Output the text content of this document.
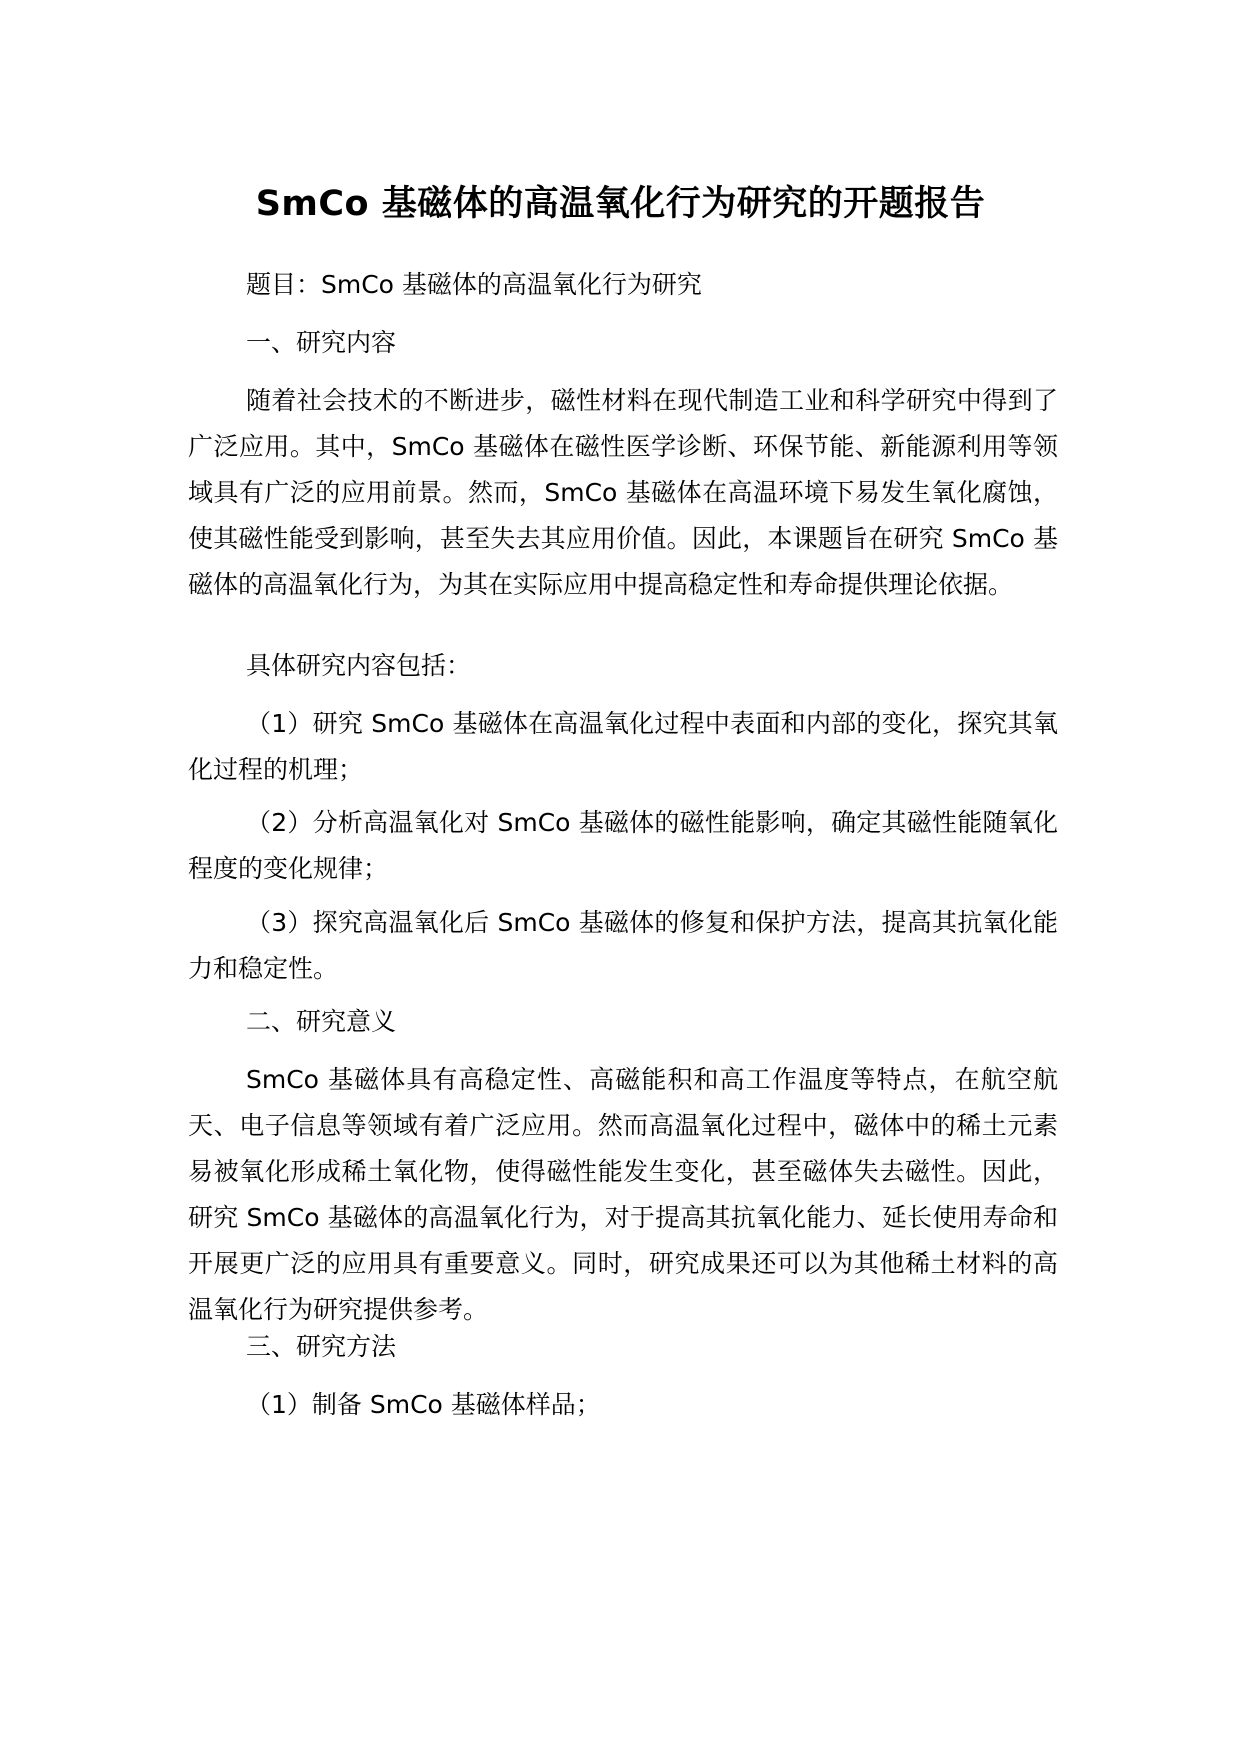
SmCo 基磁体的高温氧化行为研究的开题报告

题目：SmCo 基磁体的高温氧化行为研究

一、研究内容

随着社会技术的不断进步，磁性材料在现代制造工业和科学研究中得到了广泛应用。其中，SmCo 基磁体在磁性医学诊断、环保节能、新能源利用等领域具有广泛的应用前景。然而，SmCo 基磁体在高温环境下易发生氧化腐蚀，使其磁性能受到影响，甚至失去其应用价值。因此，本课题旨在研究 SmCo 基磁体的高温氧化行为，为其在实际应用中提高稳定性和寿命提供理论依据。

具体研究内容包括：

（1）研究 SmCo 基磁体在高温氧化过程中表面和内部的变化，探究其氧化过程的机理；

（2）分析高温氧化对 SmCo 基磁体的磁性能影响，确定其磁性能随氧化程度的变化规律；

（3）探究高温氧化后 SmCo 基磁体的修复和保护方法，提高其抗氧化能力和稳定性。

二、研究意义

SmCo 基磁体具有高稳定性、高磁能积和高工作温度等特点，在航空航天、电子信息等领域有着广泛应用。然而高温氧化过程中，磁体中的稀土元素易被氧化形成稀土氧化物，使得磁性能发生变化，甚至磁体失去磁性。因此，研究 SmCo 基磁体的高温氧化行为，对于提高其抗氧化能力、延长使用寿命和开展更广泛的应用具有重要意义。同时，研究成果还可以为其他稀土材料的高温氧化行为研究提供参考。

三、研究方法

（1）制备 SmCo 基磁体样品；
